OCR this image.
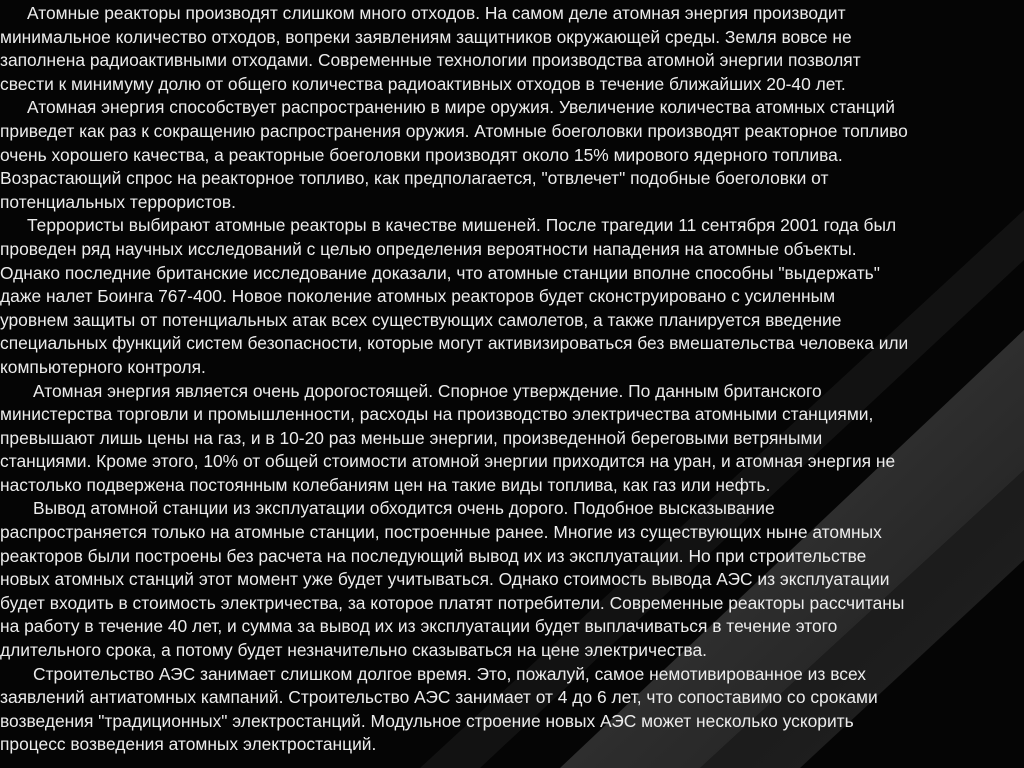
Атомные реакторы производят слишком много отходов. На самом деле атомная энергия производит
минимальное количество отходов, вопреки заявлениям защитников окружающей среды. Земля вовсе не
заполнена радиоактивными отходами. Современные технологии производства атомной энергии позволят
свести к минимуму долю от общего количества радиоактивных отходов в течение ближайших 20-40 лет.

Атомная энергия способствует распространению в мире оружия. Увеличение количества атомных станций
приведет как раз к сокращению распространения оружия. Атомные боеголовки производят реакторное топливо
очень хорошего качества, а реакторные боеголовки производят около 15% мирового ядерного топлива.
Возрастающий спрос на реакторное топливо, как предполагается, "отвлечет" подобные боеголовки от
потенциальных террористов.

Террористы выбирают атомные реакторы в качестве мишеней. После трагедии 11 сентября 2001 года был
проведен ряд научных исследований с целью определения вероятности нападения на атомные объекты.
Однако последние британские исследование доказали, что атомные станции вполне способны "выдержать"
даже налет Боинга 767-400. Новое поколение атомных реакторов будет сконструировано с усиленным
уровнем защиты от потенциальных атак всех существующих самолетов, а также планируется введение
специальных функций систем безопасности, которые могут активизироваться без вмешательства человека или
компьютерного контроля.

Атомная энергия является очень дорогостоящей. Спорное утверждение. По данным британского
министерства торговли и промышленности, расходы на производство электричества атомными станциями,
превышают лишь цены на газ, и в 10-20 раз меньше энергии, произведенной береговыми ветряными
станциями. Кроме этого, 10% от общей стоимости атомной энергии приходится на уран, и атомная энергия не
настолько подвержена постоянным колебаниям цен на такие виды топлива, как газ или нефть.

Вывод атомной станции из эксплуатации обходится очень дорого. Подобное высказывание
распространяется только на атомные станции, построенные ранее. Многие из существующих ныне атомных
реакторов были построены без расчета на последующий вывод их из эксплуатации. Но при строительстве
новых атомных станций этот момент уже будет учитываться. Однако стоимость вывода АЭС из эксплуатации
будет входить в стоимость электричества, за которое платят потребители. Современные реакторы рассчитаны
на работу в течение 40 лет, и сумма за вывод их из эксплуатации будет выплачиваться в течение этого
длительного срока, а потому будет незначительно сказываться на цене электричества.

Строительство АЭС занимает слишком долгое время. Это, пожалуй, самое немотивированное из всех
заявлений антиатомных кампаний. Строительство АЭС занимает от 4 до 6 лет, что сопоставимо со сроками
возведения "традиционных" электростанций. Модульное строение новых АЭС может несколько ускорить
процесс возведения атомных электростанций.
